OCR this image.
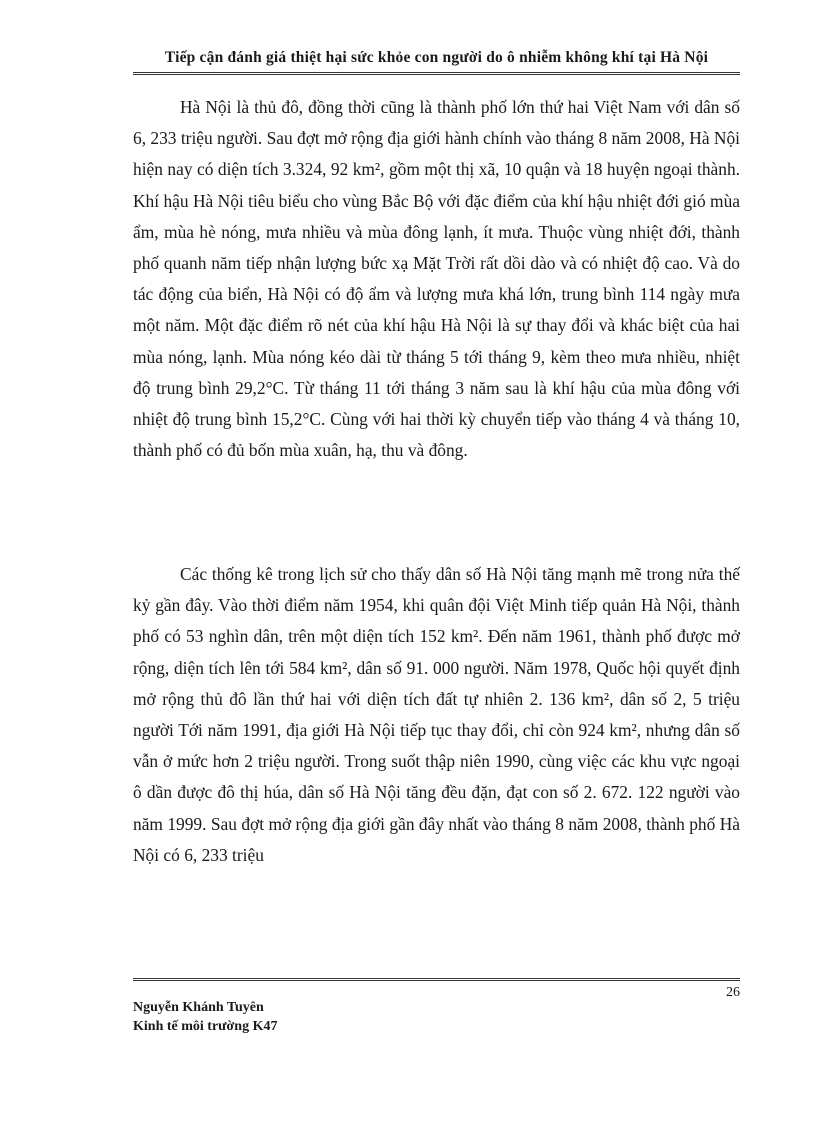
Tiếp cận đánh giá thiệt hại sức khỏe con người do ô nhiễm không khí tại Hà Nội

Hà Nội là thủ đô, đồng thời cũng là thành phố lớn thứ hai Việt Nam với dân số 6, 233 triệu người. Sau đợt mở rộng địa giới hành chính vào tháng 8 năm 2008, Hà Nội hiện nay có diện tích 3.324, 92 km², gồm một thị xã, 10 quận và 18 huyện ngoại thành. Khí hậu Hà Nội tiêu biểu cho vùng Bắc Bộ với đặc điểm của khí hậu nhiệt đới gió mùa ẩm, mùa hè nóng, mưa nhiều và mùa đông lạnh, ít mưa. Thuộc vùng nhiệt đới, thành phố quanh năm tiếp nhận lượng bức xạ Mặt Trời rất dồi dào và có nhiệt độ cao. Và do tác động của biển, Hà Nội có độ ẩm và lượng mưa khá lớn, trung bình 114 ngày mưa một năm. Một đặc điểm rõ nét của khí hậu Hà Nội là sự thay đổi và khác biệt của hai mùa nóng, lạnh. Mùa nóng kéo dài từ tháng 5 tới tháng 9, kèm theo mưa nhiều, nhiệt độ trung bình 29,2°C. Từ tháng 11 tới tháng 3 năm sau là khí hậu của mùa đông với nhiệt độ trung bình 15,2°C. Cùng với hai thời kỳ chuyển tiếp vào tháng 4 và tháng 10, thành phố có đủ bốn mùa xuân, hạ, thu và đông.

Các thống kê trong lịch sử cho thấy dân số Hà Nội tăng mạnh mẽ trong nửa thế kỷ gần đây. Vào thời điểm năm 1954, khi quân đội Việt Minh tiếp quản Hà Nội, thành phố có 53 nghìn dân, trên một diện tích 152 km². Đến năm 1961, thành phố được mở rộng, diện tích lên tới 584 km², dân số 91. 000 người. Năm 1978, Quốc hội quyết định mở rộng thủ đô lần thứ hai với diện tích đất tự nhiên 2. 136 km², dân số 2, 5 triệu người Tới năm 1991, địa giới Hà Nội tiếp tục thay đổi, chỉ còn 924 km², nhưng dân số vẫn ở mức hơn 2 triệu người. Trong suốt thập niên 1990, cùng việc các khu vực ngoại ô dần được đô thị húa, dân số Hà Nội tăng đều đặn, đạt con số 2. 672. 122 người vào năm 1999. Sau đợt mở rộng địa giới gần đây nhất vào tháng 8 năm 2008, thành phố Hà Nội có 6, 233 triệu

26
Nguyễn Khánh Tuyên
Kinh tế môi trường K47
